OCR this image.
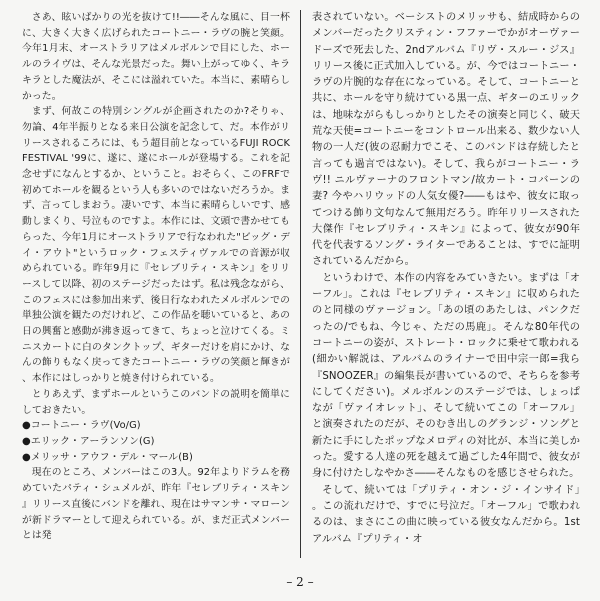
さあ、眩いばかりの光を抜けて!!――そんな風に、目一杯に、大きく大きく広げられたコートニー・ラヴの腕と笑顔。今年1月末、オーストラリアはメルボルンで目にした、ホールのライヴは、そんな光景だった。舞い上がってゆく、キラキラとした魔法が、そこには溢れていた。本当に、素晴らしかった。

まず、何故この特別シングルが企画されたのか?そりゃ、勿論、4年半振りとなる来日公演を記念して、だ。本作がリリースされるころには、もう超目前となっているFUJI ROCK FESTIVAL '99に、遂に、遂にホールが登場する。これを記念せずになんとするか、ということ。おそらく、このFRFで初めてホールを観るという人も多いのではないだろうか。まず、言ってしまおう。凄いです、本当に素晴らしいです、感動しまくり、号泣ものですよ。本作には、文頭で書かせてもらった、今年1月にオーストラリアで行なわれた"ビッグ・デイ・アウト"というロック・フェスティヴァルでの音源が収められている。昨年9月に『セレブリティ・スキン』をリリースして以降、初のステージだったはず。私は残念ながら、このフェスには参加出来ず、後日行なわれたメルボルンでの単独公演を観たのだけれど、この作品を聴いていると、あの日の興奮と感動が沸き返ってきて、ちょっと泣けてくる。ミニスカートに白のタンクトップ、ギターだけを肩にかけ、なんの飾りもなく戻ってきたコートニー・ラヴの笑顔と輝きが、本作にはしっかりと焼き付けられている。

とりあえず、まずホールというこのバンドの説明を簡単にしておきたい。

●コートニー・ラヴ(Vo/G)
●エリック・アーランソン(G)
●メリッサ・アウフ・デル・マール(B)

現在のところ、メンバーはこの3人。92年よりドラムを務めていたパティ・シュメルが、昨年『セレブリティ・スキン』リリース直後にバンドを離れ、現在はサマンサ・マローンが新ドラマーとして迎えられている。が、まだ正式メンバーとは発

表されていない。ベーシストのメリッサも、結成時からのメンバーだったクリスティン・フファーでかがオーヴァードーズで死去した、2ndアルバム『リヴ・スルー・ジス』リリース後に正式加入している。が、今ではコートニー・ラヴの片腕的な存在になっている。そして、コートニーと共に、ホールを守り続けている黒一点、ギターのエリックは、地味ながらもしっかりとしたその演奏と同じく、破天荒な天使=コートニーをコントロール出来る、数少ない人物の一人だ(彼の忍耐力でこそ、このバンドは存続したと言っても過言ではない)。そして、我らがコートニー・ラヴ!! ニルヴァーナのフロントマン/故カート・コバーンの妻? 今やハリウッドの人気女優?――もはや、彼女に取ってつける飾り文句なんて無用だろう。昨年リリースされた大傑作『セレブリティ・スキン』によって、彼女が90年代を代表するソング・ライターであることは、すでに証明されているんだから。

というわけで、本作の内容をみていきたい。まずは「オーフル」。これは『セレブリティ・スキン』に収められたのと同様のヴァージョン。「あの頃のあたしは、パンクだったの/でもね、今じゃ、ただの馬鹿」。そんな80年代のコートニーの姿が、ストレート・ロックに乗せて歌われる(細かい解説は、アルバムのライナーで田中宗一郎=我ら『SNOOZER』の編集長が書いているので、そちらを参考にしてください)。メルボルンのステージでは、しょっぱなが「ヴァイオレット」、そして続いてこの「オーフル」と演奏されたのだが、そのむき出しのグランジ・ソングと新たに手にしたポップなメロディの対比が、本当に美しかった。愛する人達の死を越えて過ごした4年間で、彼女が身に付けたしなやかさ――そんなものを感じさせられた。

そして、続いては「プリティ・オン・ジ・インサイド」。この流れだけで、すでに号泣だ。「オーフル」で歌われるのは、まさにこの曲に映っている彼女なんだから。1stアルバム『プリティ・オ

– 2 –
